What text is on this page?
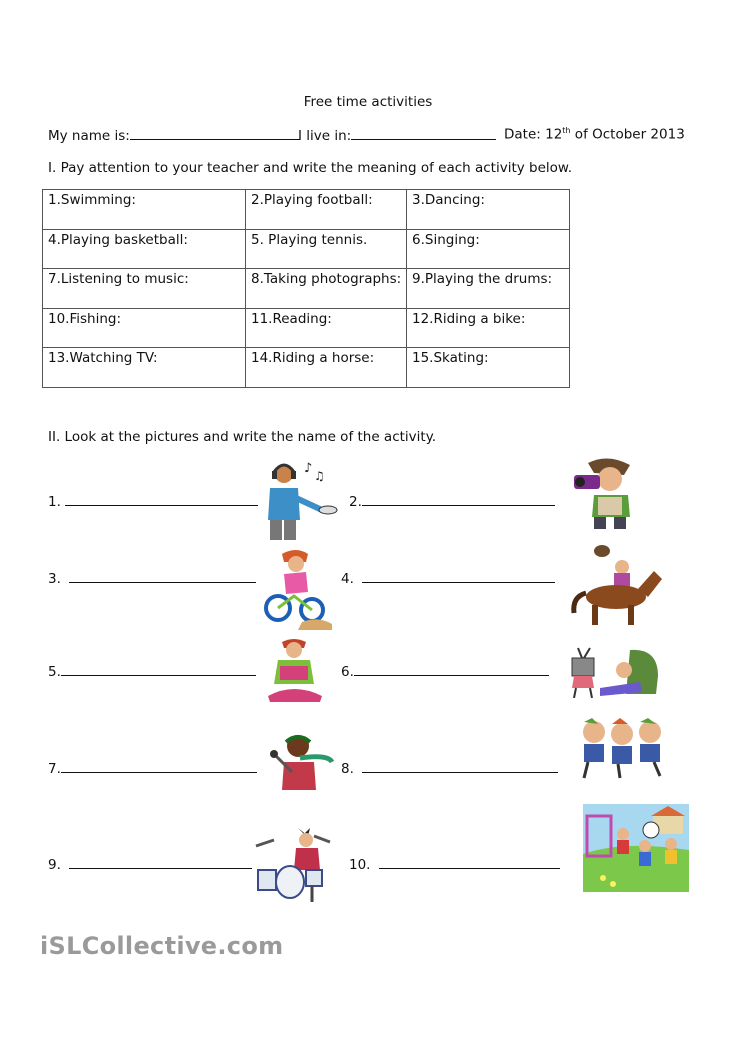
Free time activities
My name is:	I live in:	Date: 12th of October 2013
I. Pay attention to your teacher and write the meaning of each activity below.
1.Swimming:	2.Playing football:	3.Dancing:
4.Playing basketball:	5. Playing tennis.	6.Singing:
7.Listening to music:	8.Taking photographs:	9.Playing the drums:
10.Fishing:	11.Reading:	12.Riding a bike:
13.Watching TV:	14.Riding a horse:	15.Skating:
II. Look at the pictures and write the name of the activity.
1.	2.
3.	4.
5.	6.
7.	8.
9.	10.
♪ ♫
iSLCollective.com
